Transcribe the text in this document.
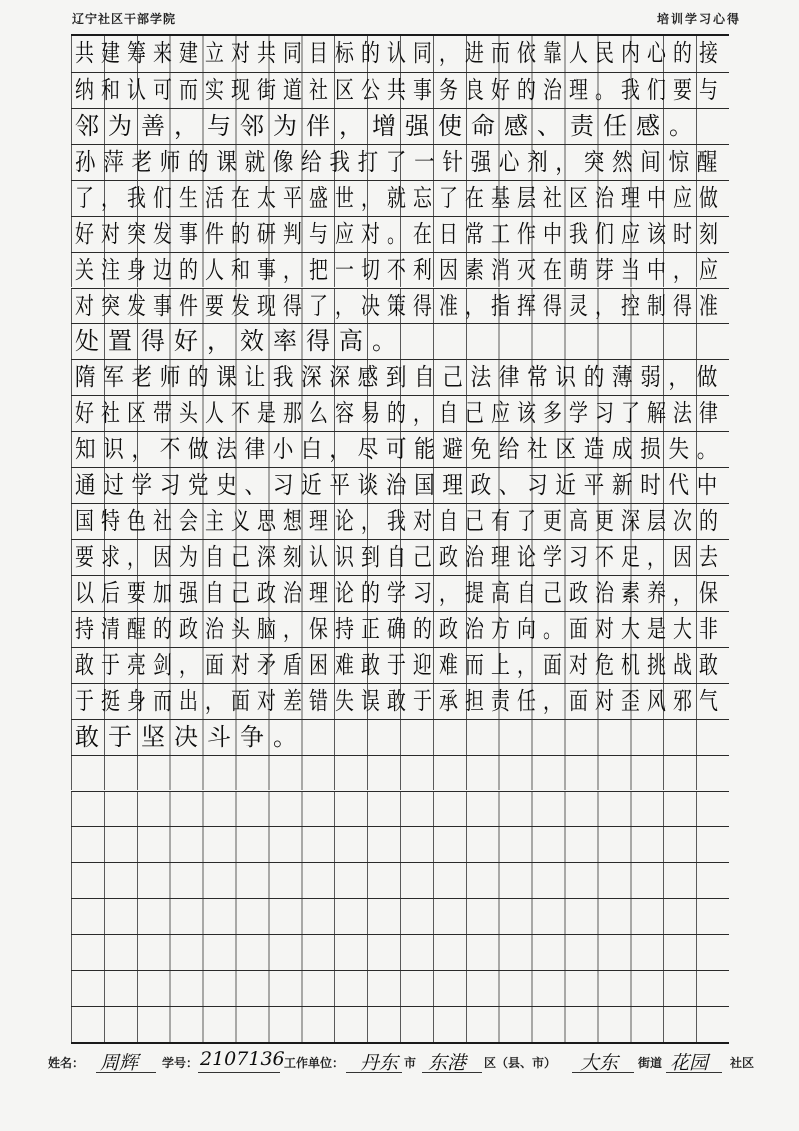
辽宁社区干部学院	培训学习心得
共建筹来建立对共同目标的认同，进而依靠人民内心的接
纳和认可而实现街道社区公共事务良好的治理。我们要与
邻为善，与邻为伴，增强使命感、责任感。
孙萍老师的课就像给我打了一针强心剂，突然间惊醒
了，我们生活在太平盛世，就忘了在基层社区治理中应做
好对突发事件的研判与应对。在日常工作中我们应该时刻
关注身边的人和事，把一切不利因素消灭在萌芽当中，应
对突发事件要发现得了，决策得准，指挥得灵，控制得准
处置得好，效率得高。
隋军老师的课让我深深感到自己法律常识的薄弱，做
好社区带头人不是那么容易的，自己应该多学习了解法律
知识，不做法律小白，尽可能避免给社区造成损失。
通过学习党史、习近平谈治国理政、习近平新时代中
国特色社会主义思想理论，我对自己有了更高更深层次的
要求，因为自己深刻认识到自己政治理论学习不足，因去
以后要加强自己政治理论的学习，提高自己政治素养，保
持清醒的政治头脑，保持正确的政治方向。面对大是大非
敢于亮剑，面对矛盾困难敢于迎难而上，面对危机挑战敢
于挺身而出，面对差错失误敢于承担责任，面对歪风邪气
敢于坚决斗争。
姓名： 周辉 学号： 2107136 工作单位： 丹东 市 东港 区（县、市） 大东 街道 花园 社区
